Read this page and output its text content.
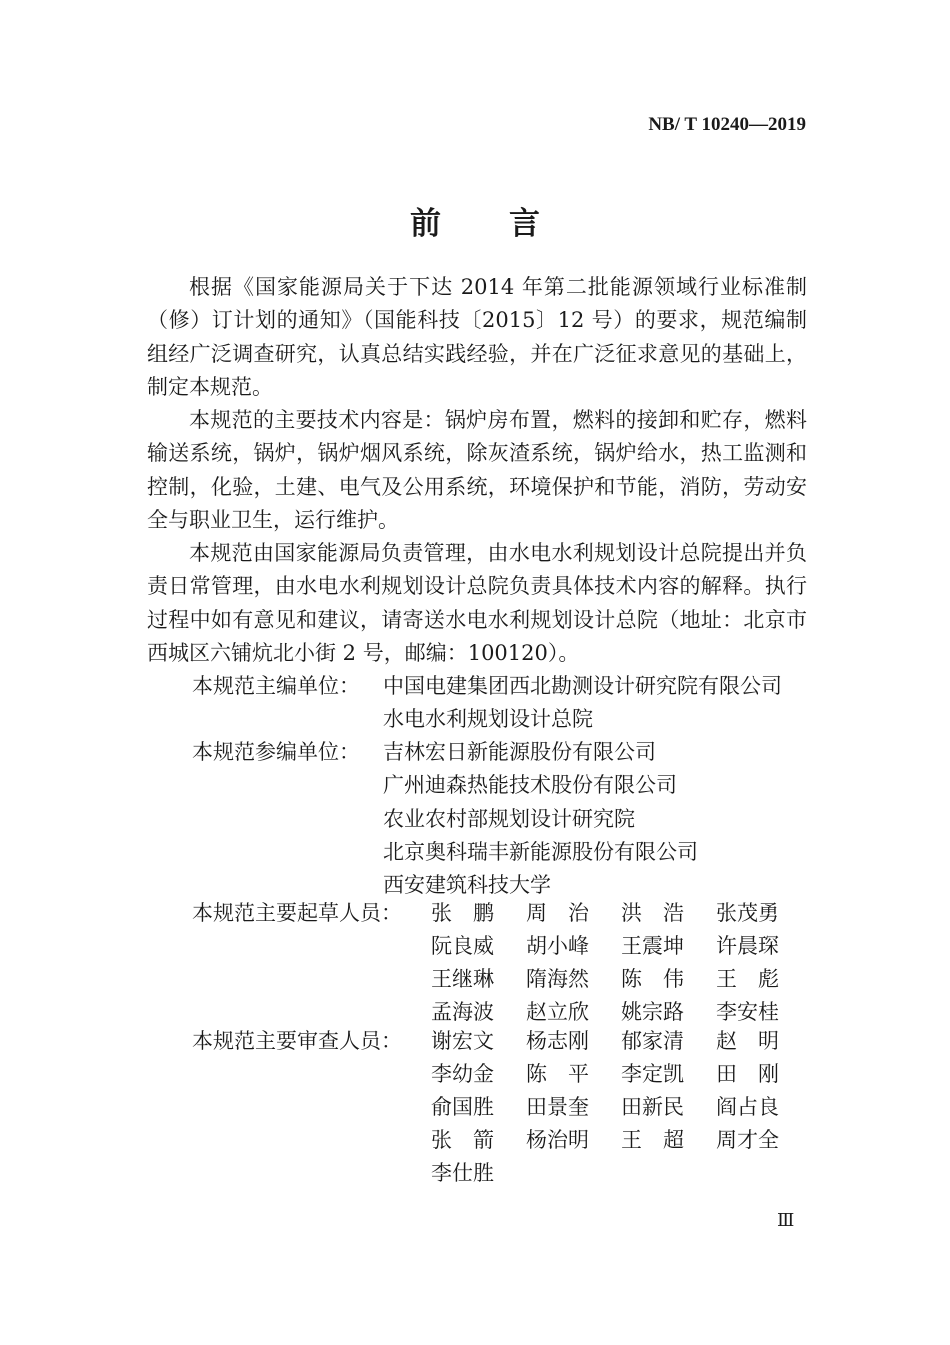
NB/ T 10240—2019
前 言
根据《国家能源局关于下达 2014 年第二批能源领域行业标准制（修）订计划的通知》（国能科技〔2015〕12 号）的要求，规范编制组经广泛调查研究，认真总结实践经验，并在广泛征求意见的基础上，制定本规范。
本规范的主要技术内容是：锅炉房布置，燃料的接卸和贮存，燃料输送系统，锅炉，锅炉烟风系统，除灰渣系统，锅炉给水，热工监测和控制，化验，土建、电气及公用系统，环境保护和节能，消防，劳动安全与职业卫生，运行维护。
本规范由国家能源局负责管理，由水电水利规划设计总院提出并负责日常管理，由水电水利规划设计总院负责具体技术内容的解释。执行过程中如有意见和建议，请寄送水电水利规划设计总院（地址：北京市西城区六铺炕北小街 2 号，邮编：100120）。
本规范主编单位： 中国电建集团西北勘测设计研究院有限公司
水电水利规划设计总院
本规范参编单位： 吉林宏日新能源股份有限公司
广州迪森热能技术股份有限公司
农业农村部规划设计研究院
北京奥科瑞丰新能源股份有限公司
西安建筑科技大学
本规范主要起草人员： 张　鹏	周　治	洪　浩	张茂勇
阮良威	胡小峰	王震坤	许晨琛
王继琳	隋海然	陈　伟	王　彪
孟海波	赵立欣	姚宗路	李安桂
本规范主要审查人员： 谢宏文	杨志刚	郁家清	赵　明
李幼金	陈　平	李定凯	田　刚
俞国胜	田景奎	田新民	阎占良
张　箭	杨治明	王　超	周才全
李仕胜
Ⅲ
